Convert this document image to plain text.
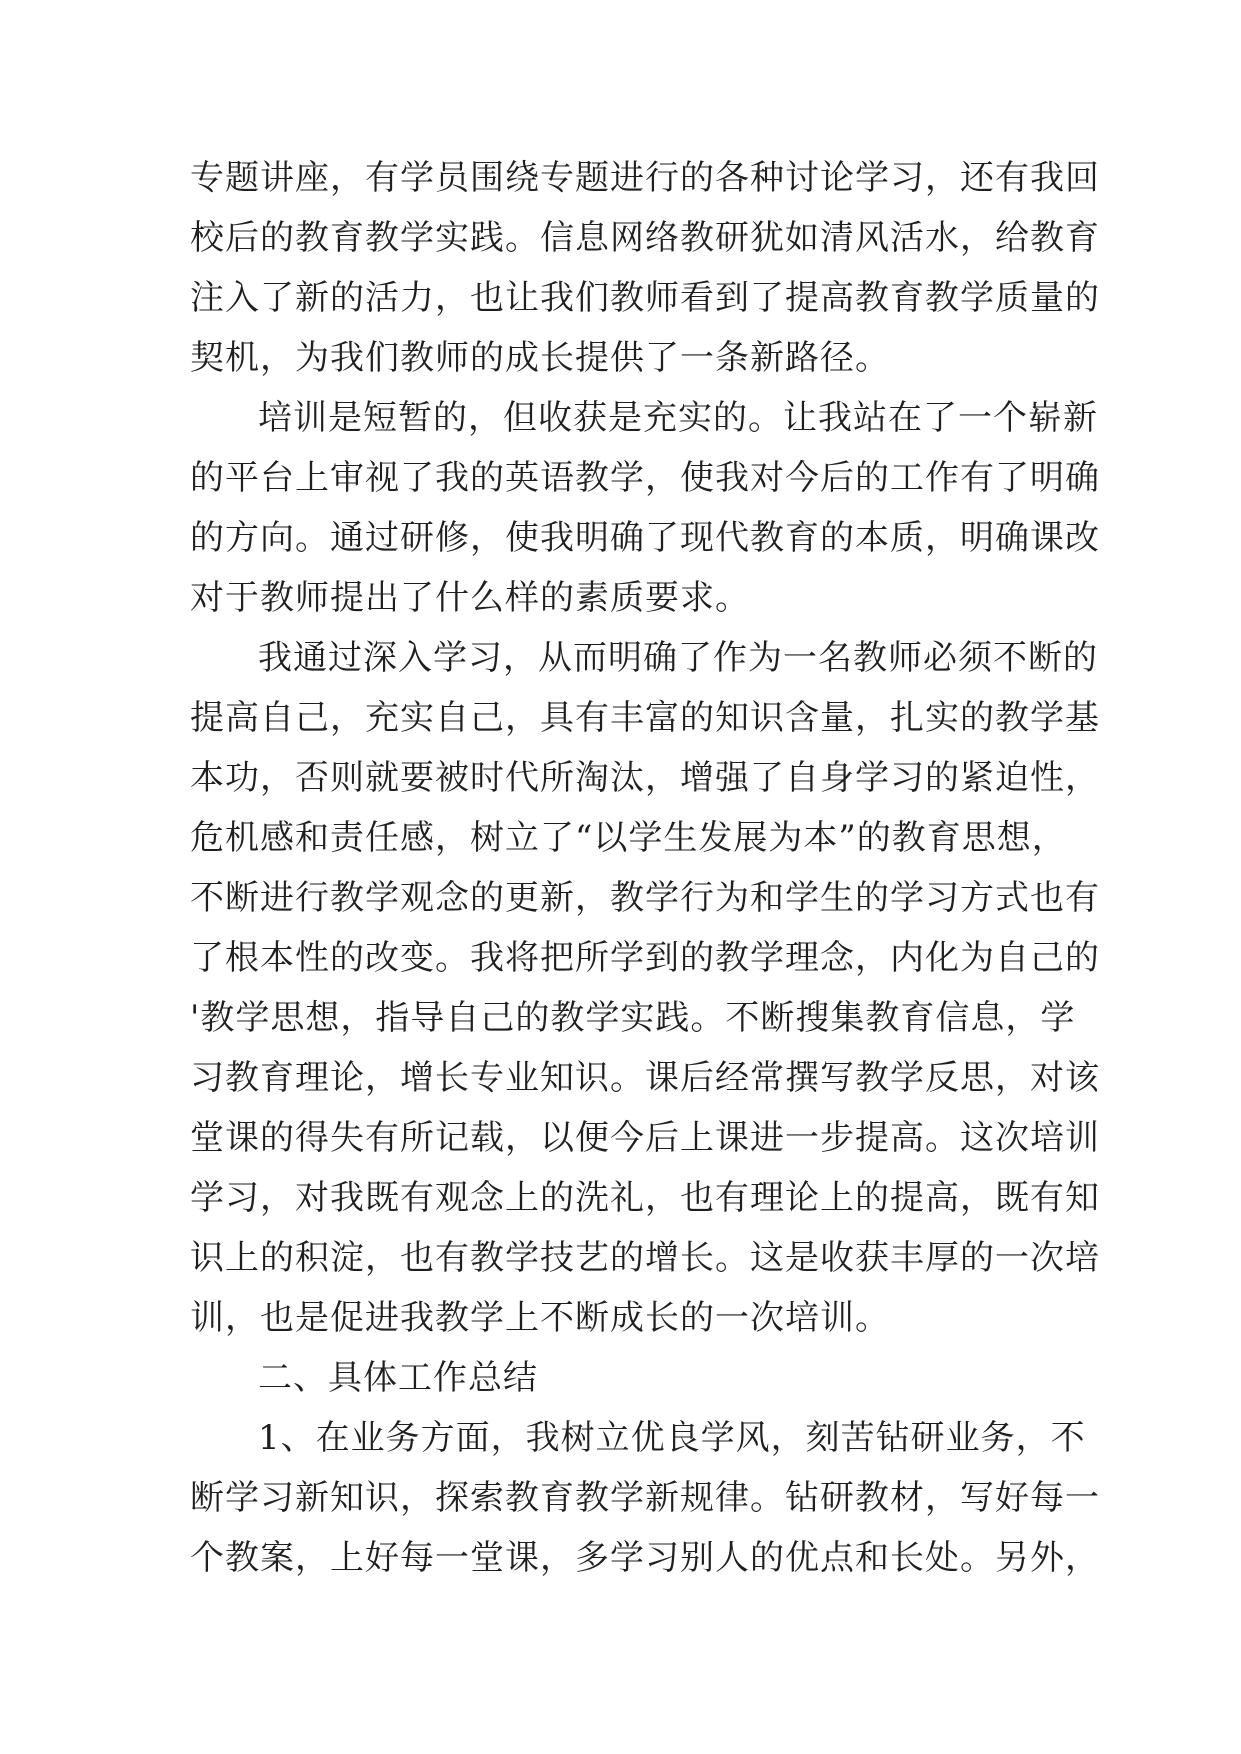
专题讲座，有学员围绕专题进行的各种讨论学习，还有我回
校后的教育教学实践。信息网络教研犹如清风活水，给教育
注入了新的活力，也让我们教师看到了提高教育教学质量的
契机，为我们教师的成长提供了一条新路径。
培训是短暂的，但收获是充实的。让我站在了一个崭新
的平台上审视了我的英语教学，使我对今后的工作有了明确
的方向。通过研修，使我明确了现代教育的本质，明确课改
对于教师提出了什么样的素质要求。
我通过深入学习，从而明确了作为一名教师必须不断的
提高自己，充实自己，具有丰富的知识含量，扎实的教学基
本功，否则就要被时代所淘汰，增强了自身学习的紧迫性，
危机感和责任感，树立了“以学生发展为本”的教育思想，
不断进行教学观念的更新，教学行为和学生的学习方式也有
了根本性的改变。我将把所学到的教学理念，内化为自己的
'教学思想，指导自己的教学实践。不断搜集教育信息，学
习教育理论，增长专业知识。课后经常撰写教学反思，对该
堂课的得失有所记载，以便今后上课进一步提高。这次培训
学习，对我既有观念上的洗礼，也有理论上的提高，既有知
识上的积淀，也有教学技艺的增长。这是收获丰厚的一次培
训，也是促进我教学上不断成长的一次培训。
二、具体工作总结
1、在业务方面，我树立优良学风，刻苦钻研业务，不
断学习新知识，探索教育教学新规律。钻研教材，写好每一
个教案，上好每一堂课，多学习别人的优点和长处。另外，
